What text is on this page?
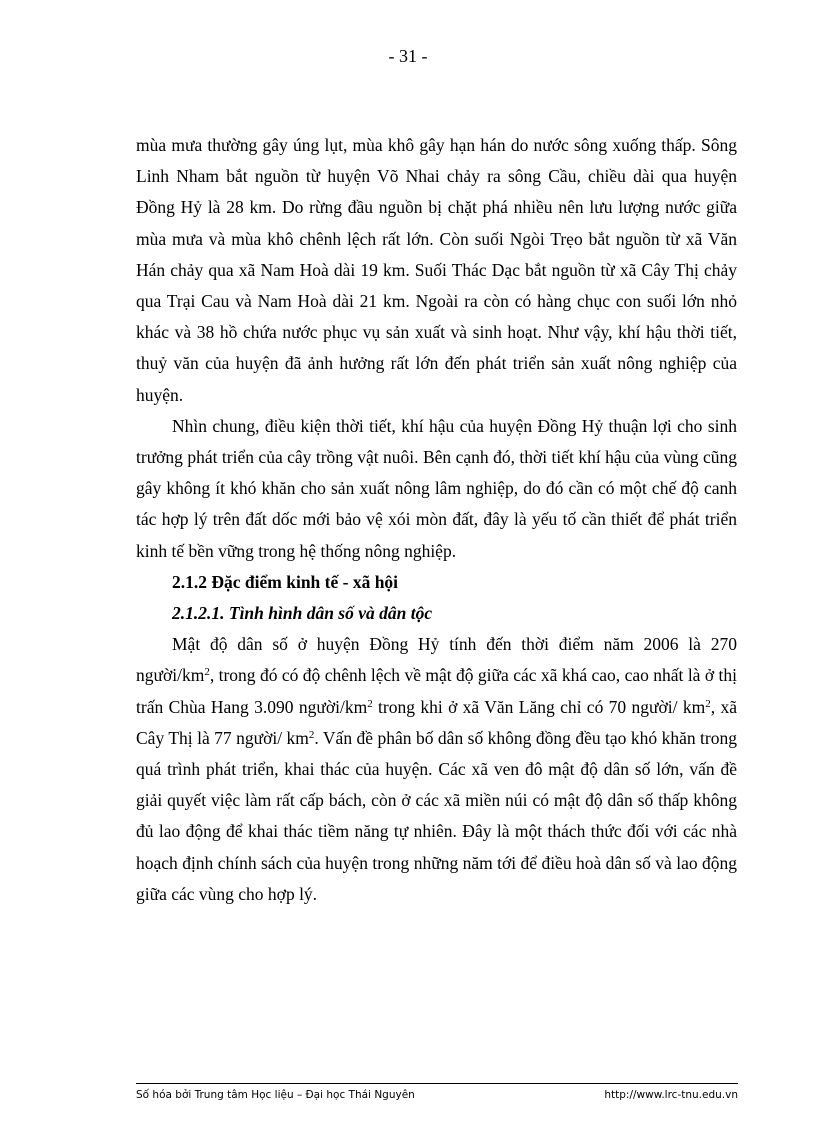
- 31 -

mùa mưa thường gây úng lụt, mùa khô gây hạn hán do nước sông xuống thấp. Sông Linh Nham bắt nguồn từ huyện Võ Nhai chảy ra sông Cầu, chiều dài qua huyện Đồng Hỷ là 28 km. Do rừng đầu nguồn bị chặt phá nhiều nên lưu lượng nước giữa mùa mưa và mùa khô chênh lệch rất lớn. Còn suối Ngòi Trẹo bắt nguồn từ xã Văn Hán chảy qua xã Nam Hoà dài 19 km. Suối Thác Dạc bắt nguồn từ xã Cây Thị chảy qua Trại Cau và Nam Hoà dài 21 km. Ngoài ra còn có hàng chục con suối lớn nhỏ khác và 38 hồ chứa nước phục vụ sản xuất và sinh hoạt. Như vậy, khí hậu thời tiết, thuỷ văn của huyện đã ảnh hưởng rất lớn đến phát triển sản xuất nông nghiệp của huyện.

Nhìn chung, điều kiện thời tiết, khí hậu của huyện Đồng Hỷ thuận lợi cho sinh trưởng phát triển của cây trồng vật nuôi. Bên cạnh đó, thời tiết khí hậu của vùng cũng gây không ít khó khăn cho sản xuất nông lâm nghiệp, do đó cần có một chế độ canh tác hợp lý trên đất dốc mới bảo vệ xói mòn đất, đây là yếu tố cần thiết để phát triển kinh tế bền vững trong hệ thống nông nghiệp.

2.1.2 Đặc điểm kinh tế - xã hội

2.1.2.1. Tình hình dân số và dân tộc

Mật độ dân số ở huyện Đồng Hỷ tính đến thời điểm năm 2006 là 270 người/$km^2$, trong đó có độ chênh lệch về mật độ giữa các xã khá cao, cao nhất là ở thị trấn Chùa Hang 3.090 người/$km^2$ trong khi ở xã Văn Lăng chỉ có 70 người/ $km^2$, xã Cây Thị là 77 người/ $km^2$. Vấn đề phân bố dân số không đồng đều tạo khó khăn trong quá trình phát triển, khai thác của huyện. Các xã ven đô mật độ dân số lớn, vấn đề giải quyết việc làm rất cấp bách, còn ở các xã miền núi có mật độ dân số thấp không đủ lao động để khai thác tiềm năng tự nhiên. Đây là một thách thức đối với các nhà hoạch định chính sách của huyện trong những năm tới để điều hoà dân số và lao động giữa các vùng cho hợp lý.

Số hóa bởi Trung tâm Học liệu – Đại học Thái Nguyên	http://www.lrc-tnu.edu.vn
